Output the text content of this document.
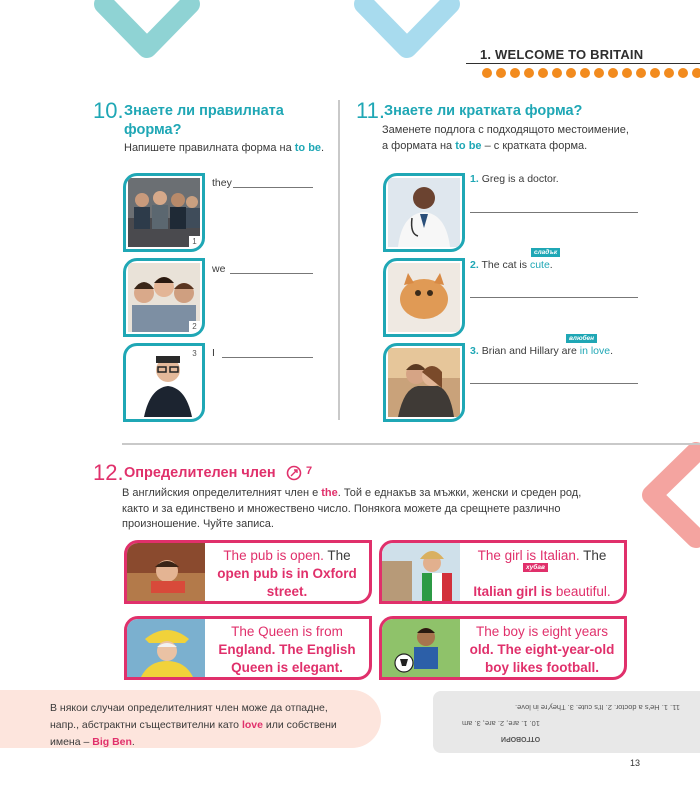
1. WELCOME TO BRITAIN
10. Знаете ли правилната
форма?
Напишете правилната форма на to be.
1
they
2
we
3	I
11. Знаете ли кратката форма?
Заменете подлога с подходящото местоимение,
а формата на to be – с кратката форма.
1. Greg is a doctor.
сладък
2. The cat is cute.
влюбен
3. Brian and Hillary are in love.
12. Определителен член	7
В английския определителният член е the. Той е еднакъв за мъжки, женски и среден род,
както и за единствено и множествено число. Понякога можете да срещнете различно
произношение. Чуйте записа.
The pub is open. The
open pub is in Oxford
street.
хубав
The girl is Italian. The

Italian girl is beautiful.
The Queen is from
England. The English
Queen is elegant.
The boy is eight years
old. The eight-year-old
boy likes football.
В някои случаи определителният член може да отпадне,
напр., абстрактни съществителни като love или собствени
имена – Big Ben.	ОТГОВОРИ
10. 1. are, 2. are, 3. am
11. 1. He's a doctor. 2. It's cute. 3. They're in love.
13
